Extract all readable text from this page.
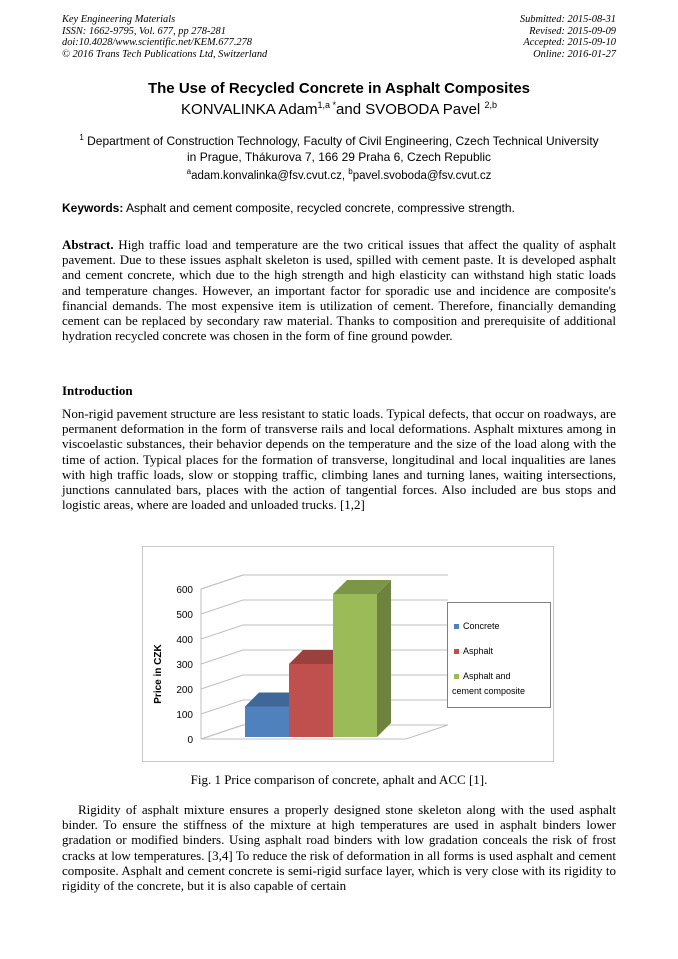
Key Engineering Materials
ISSN: 1662-9795, Vol. 677, pp 278-281
doi:10.4028/www.scientific.net/KEM.677.278
© 2016 Trans Tech Publications Ltd, Switzerland
Submitted: 2015-08-31
Revised: 2015-09-09
Accepted: 2015-09-10
Online: 2016-01-27
The Use of Recycled Concrete in Asphalt Composites
KONVALINKA Adam$^{1,a *}$and SVOBODA Pavel $^{2,b}$
$^1$ Department of Construction Technology, Faculty of Civil Engineering, Czech Technical University
in Prague, Thákurova 7, 166 29 Praha 6, Czech Republic
$^a$adam.konvalinka@fsv.cvut.cz, $^b$pavel.svoboda@fsv.cvut.cz
Keywords: Asphalt and cement composite, recycled concrete, compressive strength.
Abstract. High traffic load and temperature are the two critical issues that affect the quality of asphalt pavement. Due to these issues asphalt skeleton is used, spilled with cement paste. It is developed asphalt and cement concrete, which due to the high strength and high elasticity can withstand high static loads and temperature changes. However, an important factor for sporadic use and incidence are composite's financial demands. The most expensive item is utilization of cement. Therefore, financially demanding cement can be replaced by secondary raw material. Thanks to composition and prerequisite of additional hydration recycled concrete was chosen in the form of fine ground powder.
Introduction
Non-rigid pavement structure are less resistant to static loads. Typical defects, that occur on roadways, are permanent deformation in the form of transverse rails and local deformations. Asphalt mixtures among in viscoelastic substances, their behavior depends on the temperature and the size of the load along with the time of action. Typical places for the formation of transverse, longitudinal and local inqualities are lanes with high traffic loads, slow or stopping traffic, climbing lanes and turning lanes, waiting intersections, junctions cannulated bars, places with the action of tangential forces. Also included are bus stops and logistic areas, where are loaded and unloaded trucks. [1,2]
0
100
200
300
400
500
600
Price in CZK
Concrete
Asphalt
Asphalt and
cement composite
Fig. 1 Price comparison of concrete, aphalt and ACC [1].
Rigidity of asphalt mixture ensures a properly designed stone skeleton along with the used asphalt binder. To ensure the stiffness of the mixture at high temperatures are used in asphalt binders lower gradation or modified binders. Using asphalt road binders with low gradation conceals the risk of frost cracks at low temperatures. [3,4] To reduce the risk of deformation in all forms is used asphalt and cement composite. Asphalt and cement concrete is semi-rigid surface layer, which is very close with its rigidity to rigidity of the concrete, but it is also capable of certain
